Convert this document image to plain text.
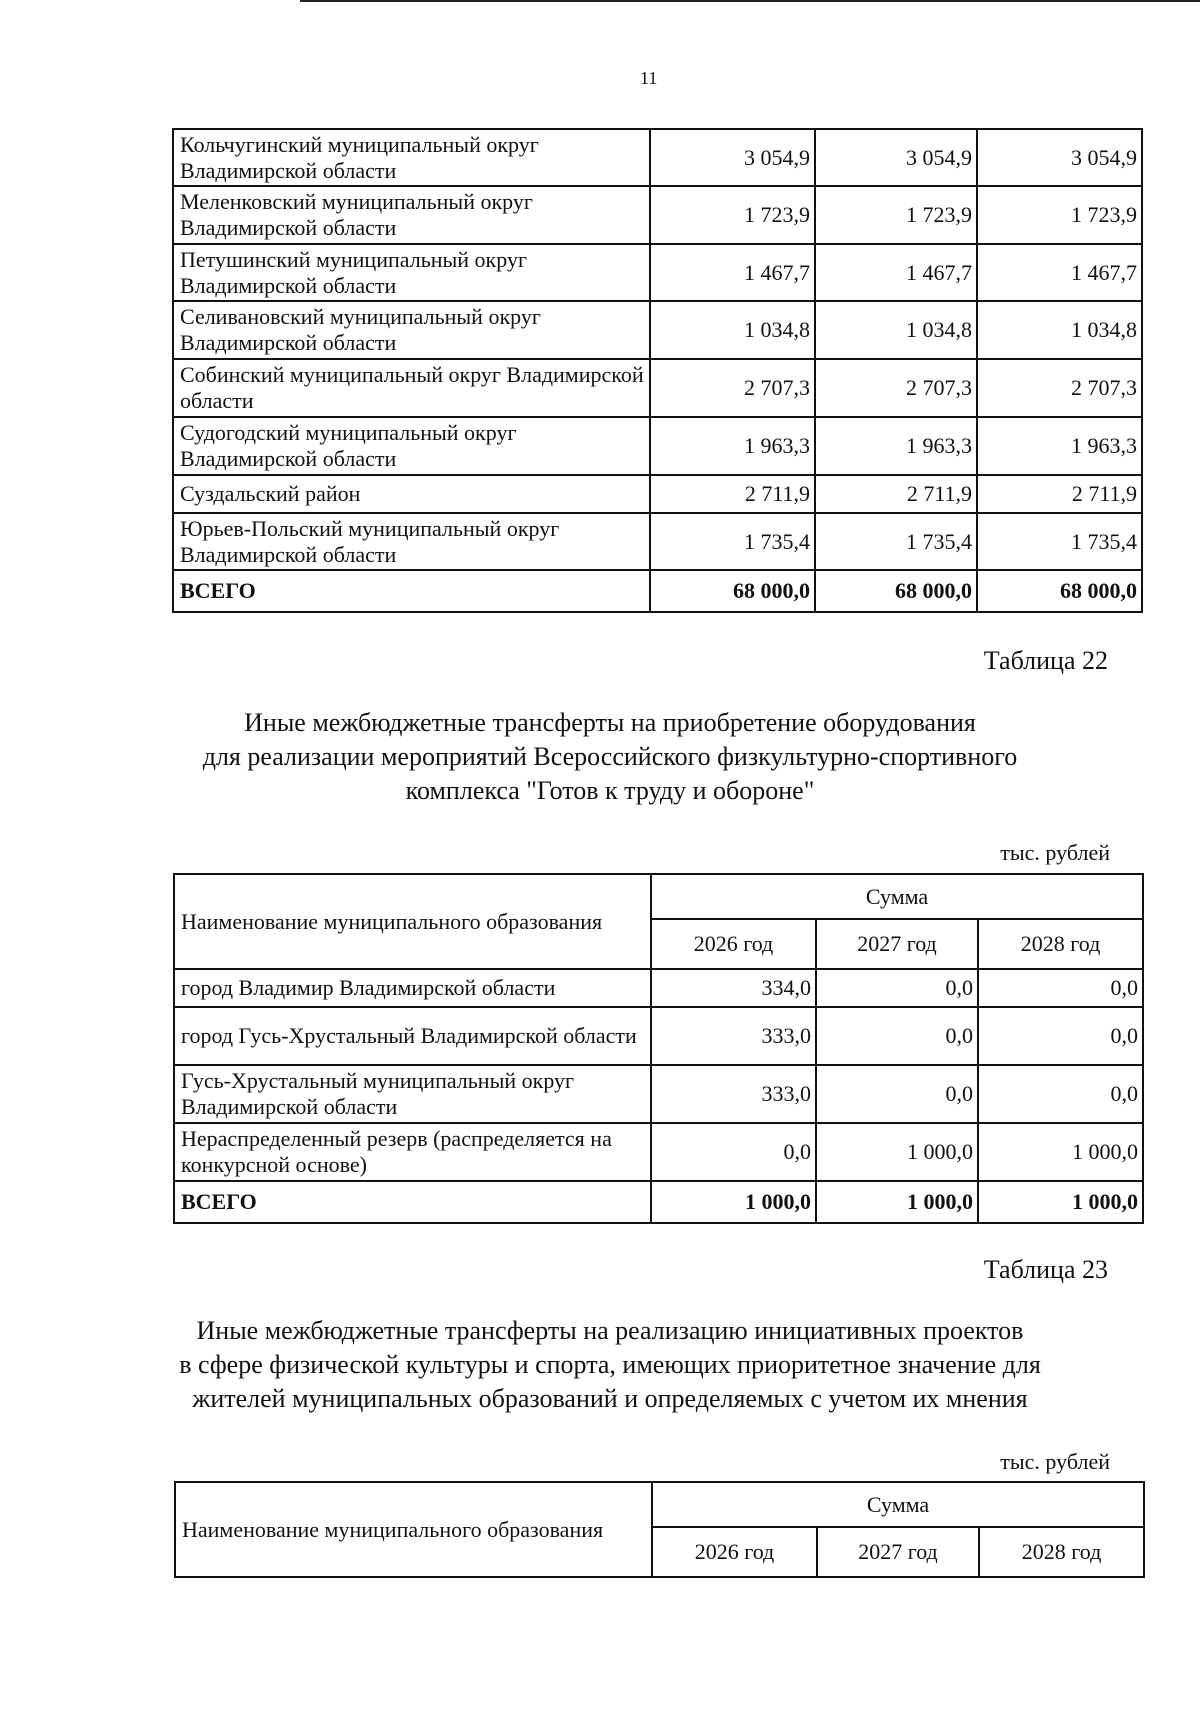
11
Кольчугинский муниципальный округ Владимирской области	3 054,9	3 054,9	3 054,9
Меленковский муниципальный округ Владимирской области	1 723,9	1 723,9	1 723,9
Петушинский муниципальный округ Владимирской области	1 467,7	1 467,7	1 467,7
Селивановский муниципальный округ Владимирской области	1 034,8	1 034,8	1 034,8
Собинский муниципальный округ Владимирской области	2 707,3	2 707,3	2 707,3
Судогодский муниципальный округ Владимирской области	1 963,3	1 963,3	1 963,3
Суздальский район	2 711,9	2 711,9	2 711,9
Юрьев-Польский муниципальный округ Владимирской области	1 735,4	1 735,4	1 735,4
ВСЕГО	68 000,0	68 000,0	68 000,0
Таблица 22
Иные межбюджетные трансферты на приобретение оборудования
для реализации мероприятий Всероссийского физкультурно-спортивного
комплекса "Готов к труду и обороне"
тыс. рублей
Наименование муниципального образования	Сумма		
	2026 год	2027 год	2028 год
город Владимир Владимирской области	334,0	0,0	0,0
город Гусь-Хрустальный Владимирской области	333,0	0,0	0,0
Гусь-Хрустальный муниципальный округ Владимирской области	333,0	0,0	0,0
Нераспределенный резерв (распределяется на конкурсной основе)	0,0	1 000,0	1 000,0
ВСЕГО	1 000,0	1 000,0	1 000,0
Таблица 23
Иные межбюджетные трансферты на реализацию инициативных проектов
в сфере физической культуры и спорта, имеющих приоритетное значение для
жителей муниципальных образований и определяемых с учетом их мнения
тыс. рублей
Наименование муниципального образования	Сумма		
	2026 год	2027 год	2028 год
